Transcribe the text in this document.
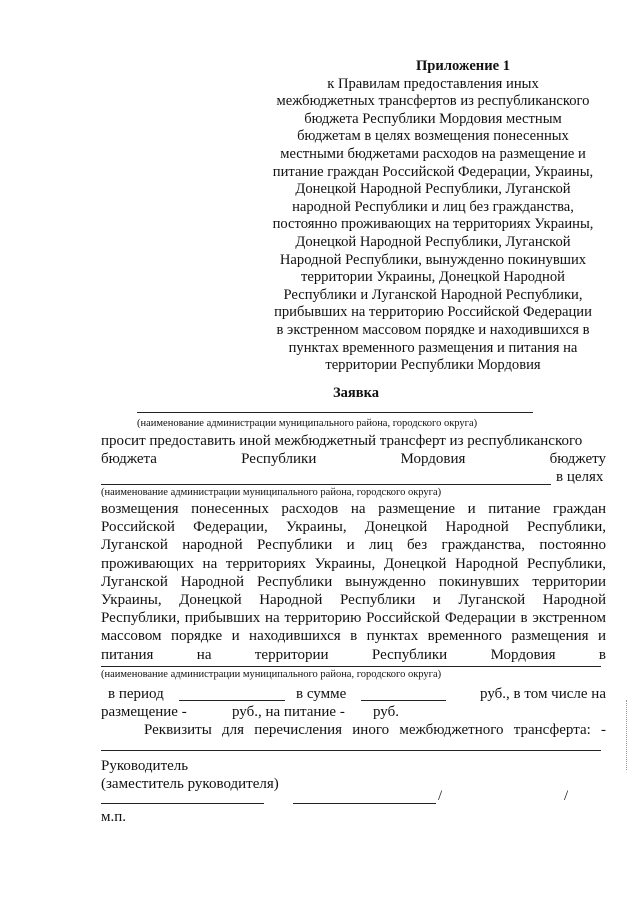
Приложение 1
к Правилам предоставления иных
межбюджетных трансфертов из республиканского
бюджета Республики Мордовия местным
бюджетам в целях возмещения понесенных
местными бюджетами расходов на размещение и
питание граждан Российской Федерации, Украины,
Донецкой Народной Республики, Луганской
народной Республики и лиц без гражданства,
постоянно проживающих на территориях Украины,
Донецкой Народной Республики, Луганской
Народной Республики, вынужденно покинувших
территории Украины, Донецкой Народной
Республики и Луганской Народной Республики,
прибывших на территорию Российской Федерации
в экстренном массовом порядке и находившихся в
пунктах временного размещения и питания на
территории Республики Мордовия
Заявка
(наименование администрации муниципального района, городского округа)
просит предоставить иной межбюджетный трансферт из республиканского
бюджета	Республики	Мордовия	бюджету
в целях
(наименование администрации муниципального района, городского округа)
возмещения понесенных расходов на размещение и питание граждан
Российской Федерации, Украины, Донецкой Народной Республики,
Луганской народной Республики и лиц без гражданства, постоянно
проживающих на территориях Украины, Донецкой Народной Республики,
Луганской Народной Республики вынужденно покинувших территории
Украины, Донецкой Народной Республики и Луганской Народной
Республики, прибывших на территорию Российской Федерации в экстренном
массовом порядке и находившихся в пунктах временного размещения и
питания	на	территории	Республики	Мордовия	в
(наименование администрации муниципального района, городского округа)
в период	в сумме	руб., в том числе на
размещение -	руб., на питание - руб.
Реквизиты для перечисления иного межбюджетного трансферта: -
Руководитель
(заместитель руководителя)
/	/
м.п.
